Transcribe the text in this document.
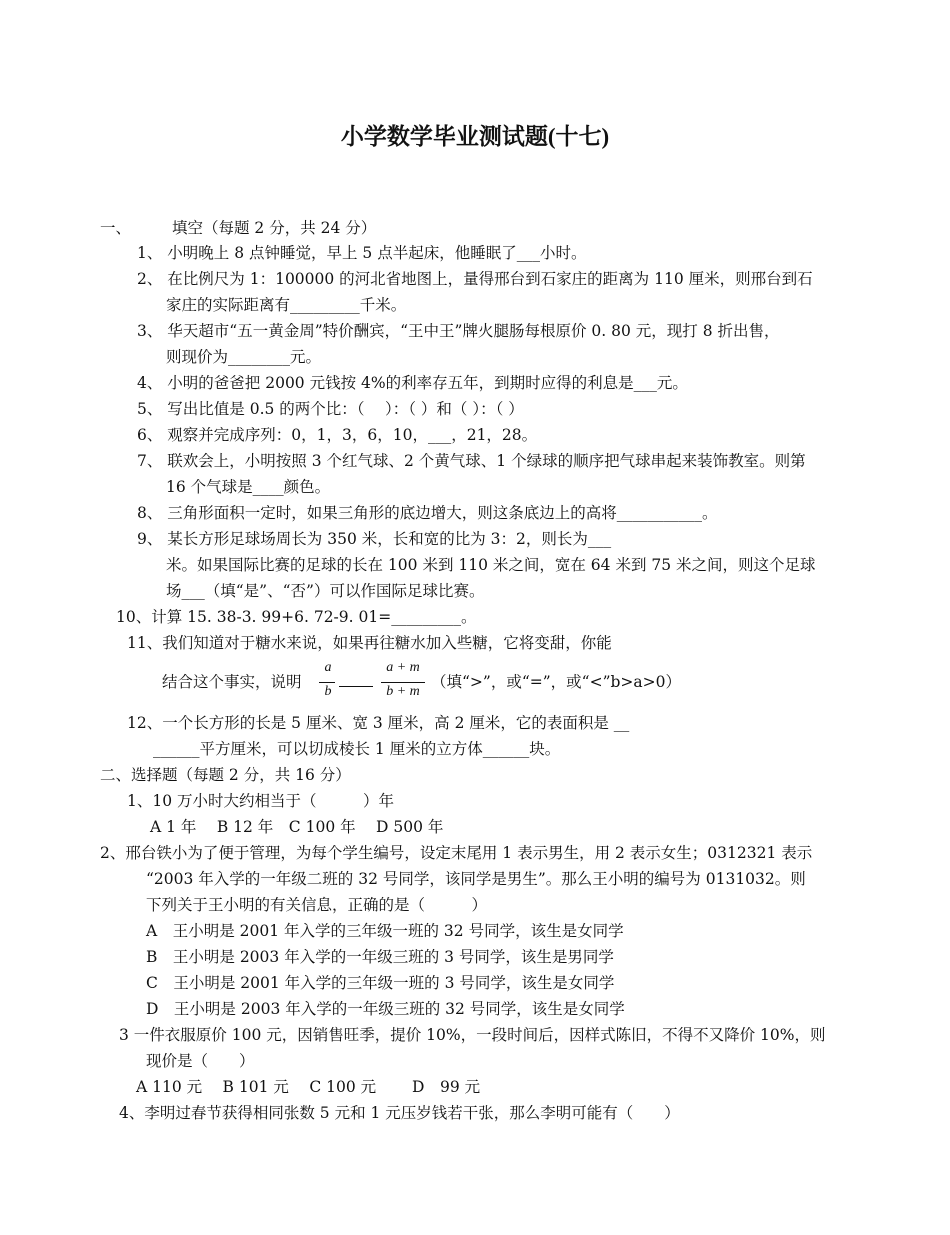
小学数学毕业测试题(十七)
一、	填空（每题 2 分，共 24 分）
1、 小明晚上 8 点钟睡觉，早上 5 点半起床，他睡眠了___小时。
2、 在比例尺为 1：100000 的河北省地图上，量得邢台到石家庄的距离为 110 厘米，则邢台到石
家庄的实际距离有_________千米。
3、 华天超市“五一黄金周”特价酬宾，“王中王”牌火腿肠每根原价 0. 80 元，现打 8 折出售，
则现价为________元。
4、 小明的爸爸把 2000 元钱按 4%的利率存五年，到期时应得的利息是___元。
5、 写出比值是 0.5 的两个比：（　 ）：（ ）和（ ）：（ ）
6、 观察并完成序列：0，1，3，6，10，___，21，28。
7、 联欢会上，小明按照 3 个红气球、2 个黄气球、1 个绿球的顺序把气球串起来装饰教室。则第
16 个气球是____颜色。
8、 三角形面积一定时，如果三角形的底边增大，则这条底边上的高将___________。
9、 某长方形足球场周长为 350 米，长和宽的比为 3：2，则长为___
米。如果国际比赛的足球的长在 100 米到 110 米之间，宽在 64 米到 75 米之间，则这个足球
场___（填“是”、“否”）可以作国际足球比赛。
10、计算 15. 38-3. 99+6. 72-9. 01=_________。
11、我们知道对于糖水来说，如果再往糖水加入些糖，它将变甜，你能
结合这个事实，说明
a
b
a + m
b + m
（填“>”，或“=”，或“<”b>a>0）
12、一个长方形的长是 5 厘米、宽 3 厘米，高 2 厘米，它的表面积是 __
______平方厘米，可以切成棱长 1 厘米的立方体______块。
二、选择题（每题 2 分，共 16 分）
1、10 万小时大约相当于（　　　）年
A 1 年　 B 12 年　C 100 年　 D 500 年
2、邢台铁小为了便于管理，为每个学生编号，设定末尾用 1 表示男生，用 2 表示女生；0312321 表示
“2003 年入学的一年级二班的 32 号同学，该同学是男生”。那么王小明的编号为 0131032。则
下列关于王小明的有关信息，正确的是（　　　）
A　王小明是 2001 年入学的三年级一班的 32 号同学，该生是女同学
B　王小明是 2003 年入学的一年级三班的 3 号同学，该生是男同学
C　王小明是 2001 年入学的三年级一班的 3 号同学，该生是女同学
D　王小明是 2003 年入学的一年级三班的 32 号同学，该生是女同学
3 一件衣服原价 100 元，因销售旺季，提价 10%，一段时间后，因样式陈旧，不得不又降价 10%，则
现价是（　　）
A 110 元　 B 101 元　 C 100 元　　 D　99 元
4、李明过春节获得相同张数 5 元和 1 元压岁钱若干张，那么李明可能有（　　）
